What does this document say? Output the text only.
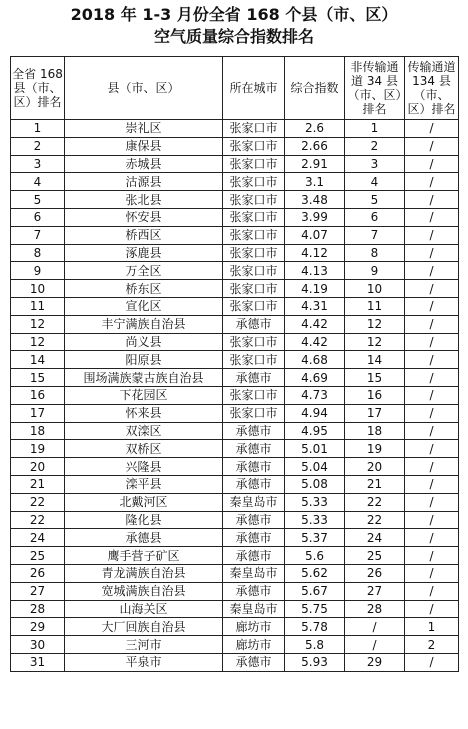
2018 年 1-3 月份全省 168 个县（市、区）
空气质量综合指数排名
全省 168 县（市、区）排名	县（市、区）	所在城市	综合指数	非传输通道 34 县（市、区）排名	传输通道 134 县（市、区）排名
1	崇礼区	张家口市	2.6	1	/
2	康保县	张家口市	2.66	2	/
3	赤城县	张家口市	2.91	3	/
4	沽源县	张家口市	3.1	4	/
5	张北县	张家口市	3.48	5	/
6	怀安县	张家口市	3.99	6	/
7	桥西区	张家口市	4.07	7	/
8	涿鹿县	张家口市	4.12	8	/
9	万全区	张家口市	4.13	9	/
10	桥东区	张家口市	4.19	10	/
11	宣化区	张家口市	4.31	11	/
12	丰宁满族自治县	承德市	4.42	12	/
12	尚义县	张家口市	4.42	12	/
14	阳原县	张家口市	4.68	14	/
15	围场满族蒙古族自治县	承德市	4.69	15	/
16	下花园区	张家口市	4.73	16	/
17	怀来县	张家口市	4.94	17	/
18	双滦区	承德市	4.95	18	/
19	双桥区	承德市	5.01	19	/
20	兴隆县	承德市	5.04	20	/
21	滦平县	承德市	5.08	21	/
22	北戴河区	秦皇岛市	5.33	22	/
22	隆化县	承德市	5.33	22	/
24	承德县	承德市	5.37	24	/
25	鹰手营子矿区	承德市	5.6	25	/
26	青龙满族自治县	秦皇岛市	5.62	26	/
27	宽城满族自治县	承德市	5.67	27	/
28	山海关区	秦皇岛市	5.75	28	/
29	大厂回族自治县	廊坊市	5.78	/	1
30	三河市	廊坊市	5.8	/	2
31	平泉市	承德市	5.93	29	/
